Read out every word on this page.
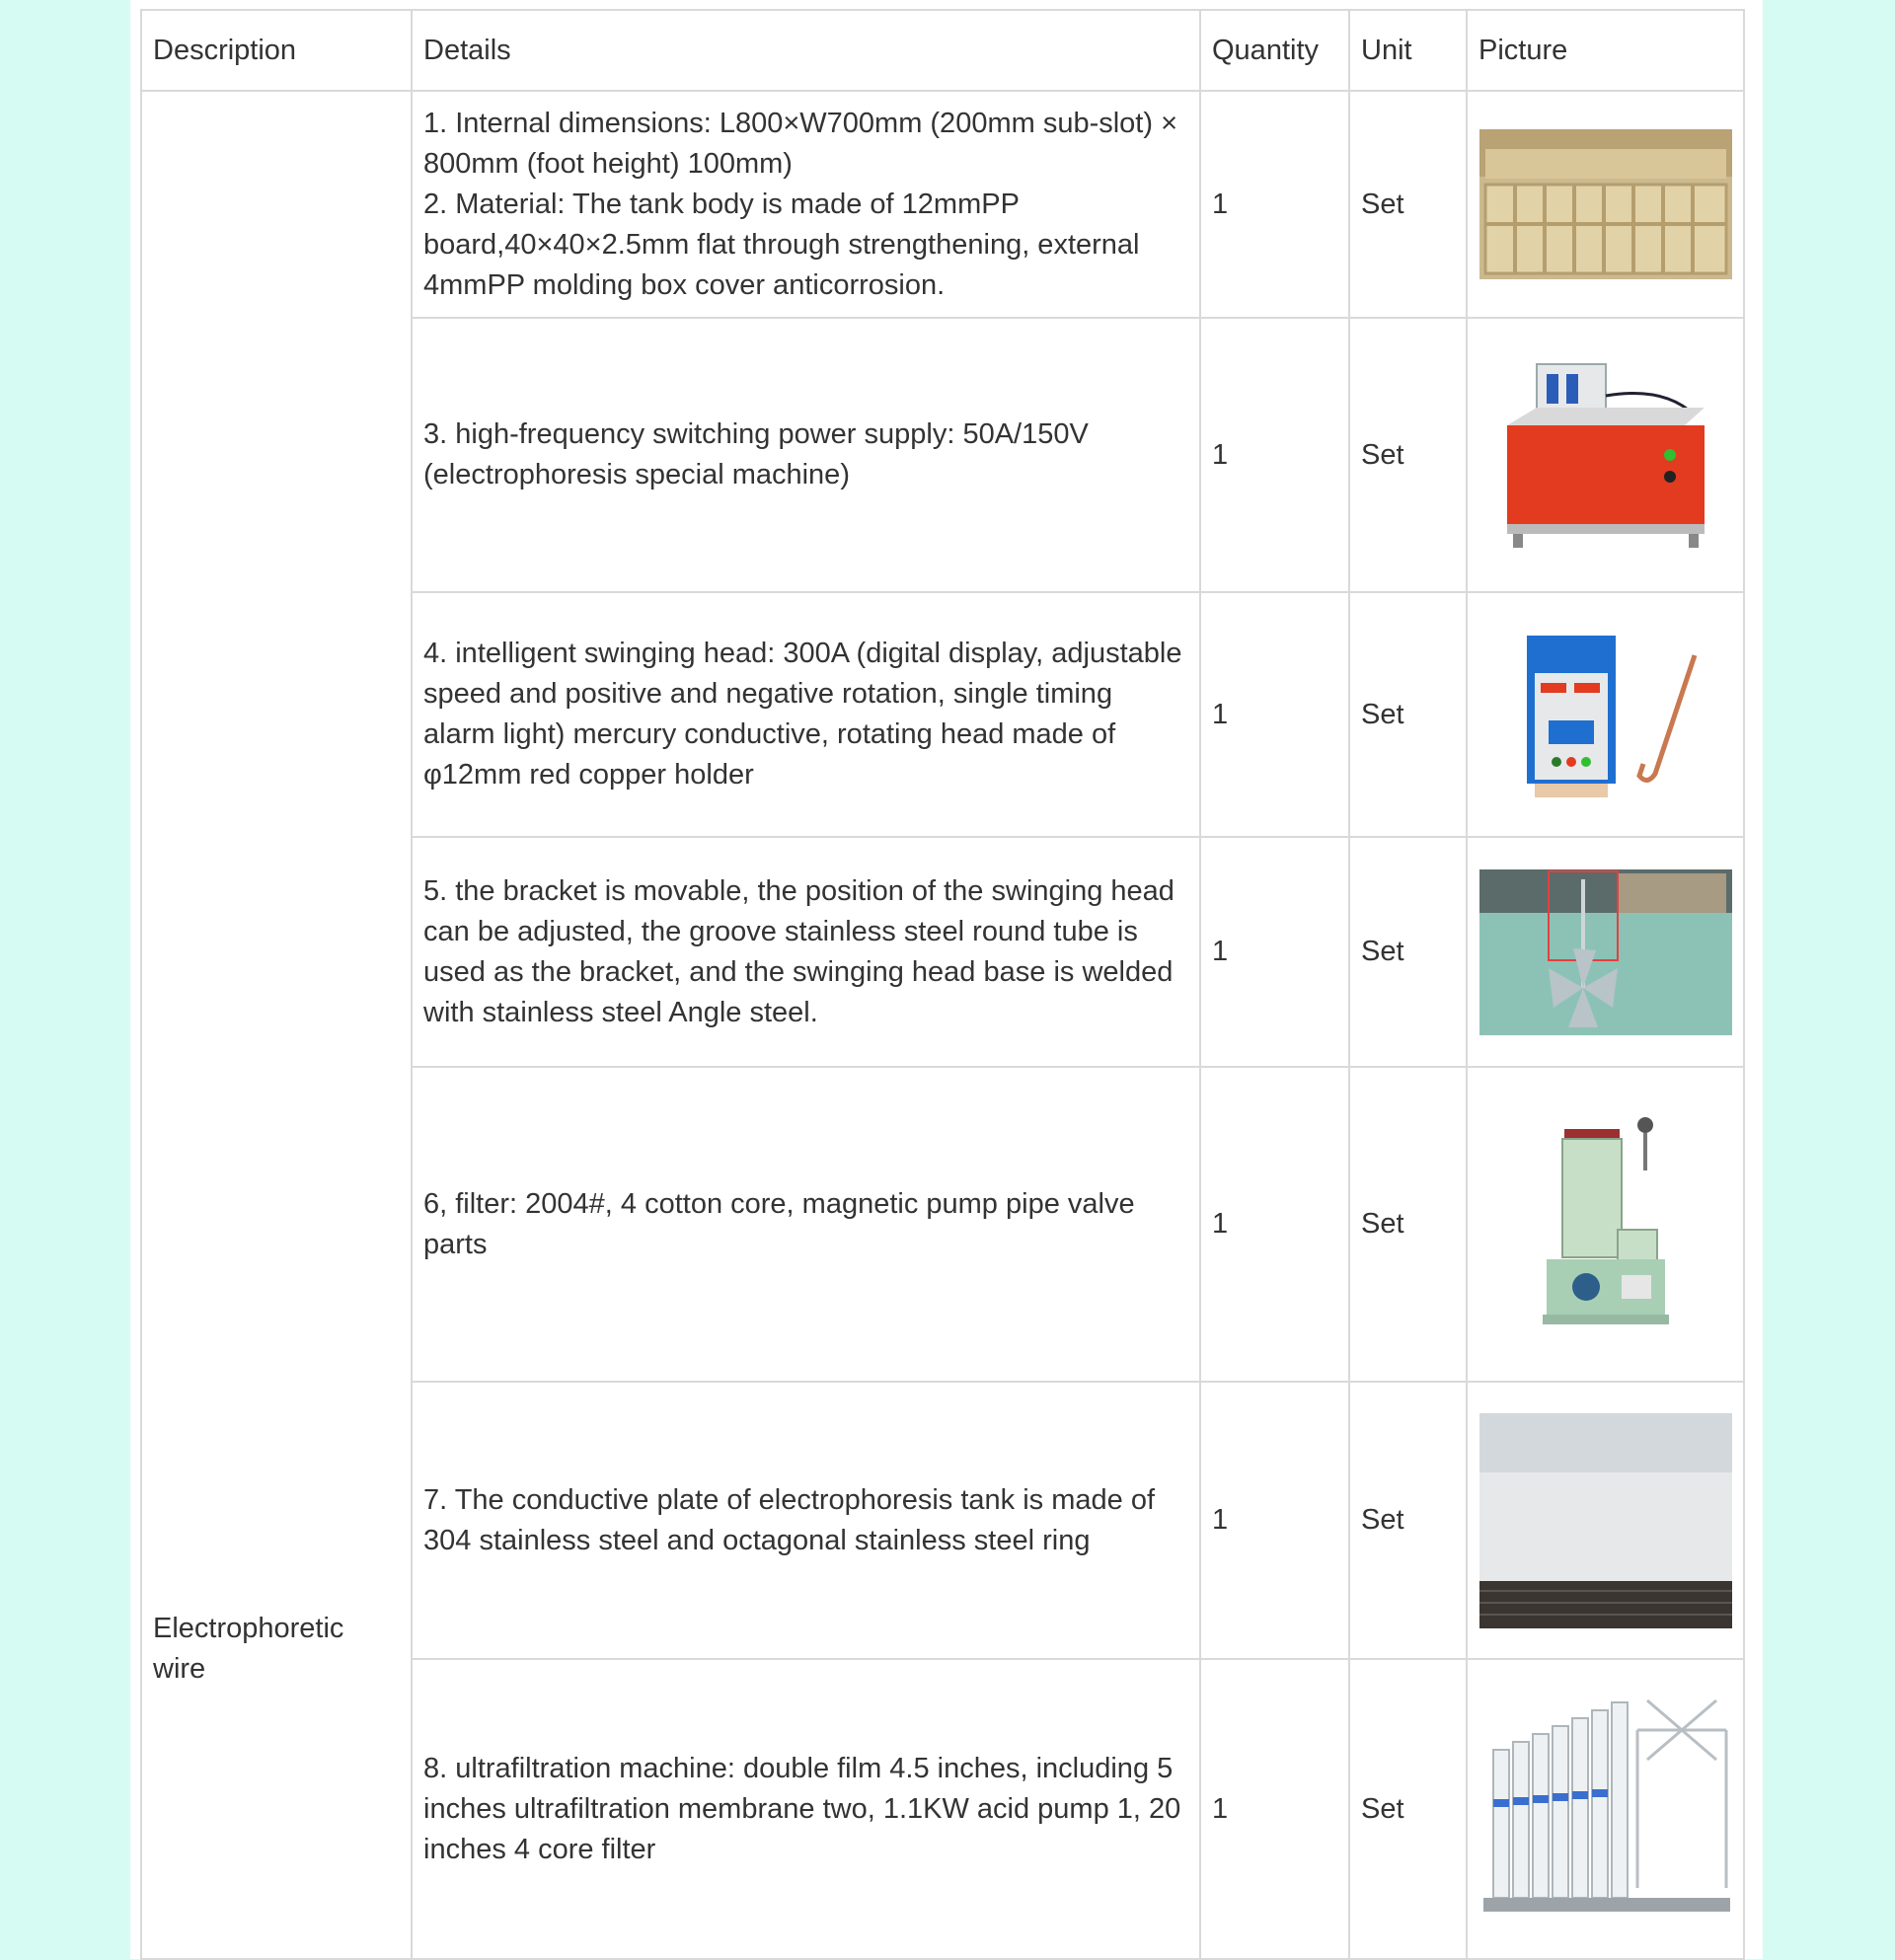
Description	Details	Quantity	Unit	Picture
Electrophoretic wire	1. Internal dimensions: L800×W700mm (200mm sub-slot) × 800mm (foot height) 100mm)
2. Material: The tank body is made of 12mmPP board,40×40×2.5mm flat through strengthening, external 4mmPP molding box cover anticorrosion.	1	Set	

	3. high-frequency switching power supply: 50A/150V (electrophoresis special machine)	1	Set	

	4. intelligent swinging head: 300A (digital display, adjustable speed and positive and negative rotation, single timing alarm light) mercury conductive, rotating head made of φ12mm red copper holder	1	Set	

	5. the bracket is movable, the position of the swinging head can be adjusted, the groove stainless steel round tube is used as the bracket, and the swinging head base is welded with stainless steel Angle steel.	1	Set	

	6, filter: 2004#, 4 cotton core, magnetic pump pipe valve parts	1	Set	

	7. The conductive plate of electrophoresis tank is made of 304 stainless steel and octagonal stainless steel ring	1	Set	

	8. ultrafiltration machine: double film 4.5 inches, including 5 inches ultrafiltration membrane two, 1.1KW acid pump 1, 20 inches 4 core filter	1	Set	
